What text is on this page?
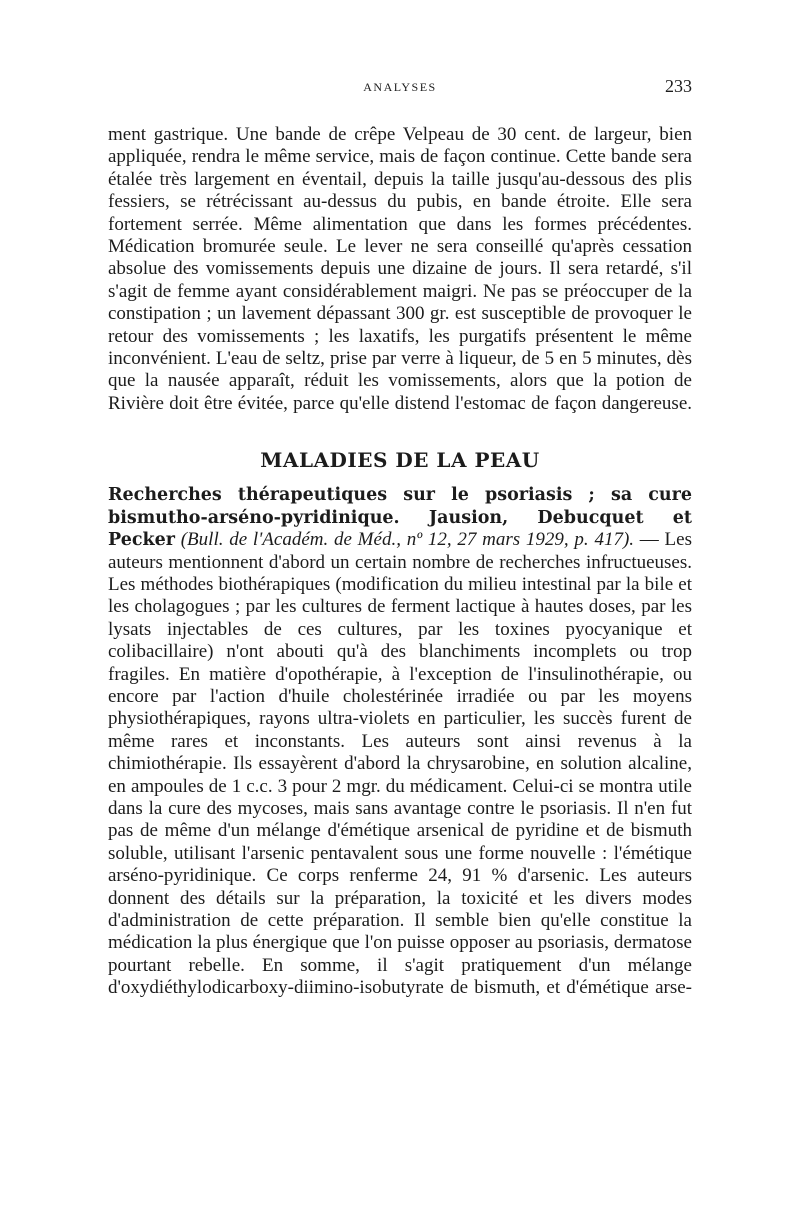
ANALYSES	233

ment gastrique. Une bande de crêpe Velpeau de 30 cent. de largeur, bien appliquée, rendra le même service, mais de façon continue. Cette bande sera étalée très largement en éventail, depuis la taille jusqu'au-dessous des plis fessiers, se rétrécissant au-dessus du pubis, en bande étroite. Elle sera fortement serrée. Même alimentation que dans les formes précédentes. Médication bromurée seule. Le lever ne sera conseillé qu'après cessation absolue des vomissements depuis une dizaine de jours. Il sera retardé, s'il s'agit de femme ayant considérablement maigri. Ne pas se préoccuper de la constipation ; un lavement dépassant 300 gr. est susceptible de provoquer le retour des vomissements ; les laxatifs, les purgatifs présentent le même inconvénient. L'eau de seltz, prise par verre à liqueur, de 5 en 5 minutes, dès que la nausée apparaît, réduit les vomissements, alors que la potion de Rivière doit être évitée, parce qu'elle distend l'estomac de façon dangereuse.

MALADIES DE LA PEAU

Recherches thérapeutiques sur le psoriasis ; sa cure bismutho-arséno-pyridinique. Jausion, Debucquet et Pecker (Bull. de l'Académ. de Méd., nº 12, 27 mars 1929, p. 417). — Les auteurs mentionnent d'abord un certain nombre de recherches infructueuses. Les méthodes biothérapiques (modification du milieu intestinal par la bile et les cholagogues ; par les cultures de ferment lactique à hautes doses, par les lysats injectables de ces cultures, par les toxines pyocyanique et colibacillaire) n'ont abouti qu'à des blanchiments incomplets ou trop fragiles. En matière d'opothérapie, à l'exception de l'insulinothérapie, ou encore par l'action d'huile cholestérinée irradiée ou par les moyens physiothérapiques, rayons ultra-violets en particulier, les succès furent de même rares et inconstants. Les auteurs sont ainsi revenus à la chimiothérapie. Ils essayèrent d'abord la chrysarobine, en solution alcaline, en ampoules de 1 c.c. 3 pour 2 mgr. du médicament. Celui-ci se montra utile dans la cure des mycoses, mais sans avantage contre le psoriasis. Il n'en fut pas de même d'un mélange d'émétique arsenical de pyridine et de bismuth soluble, utilisant l'arsenic pentavalent sous une forme nouvelle : l'émétique arséno-pyridinique. Ce corps renferme 24, 91 % d'arsenic. Les auteurs donnent des détails sur la préparation, la toxicité et les divers modes d'administration de cette préparation. Il semble bien qu'elle constitue la médication la plus énergique que l'on puisse opposer au psoriasis, dermatose pourtant rebelle. En somme, il s'agit pratiquement d'un mélange d'oxydiéthylodicarboxy-diimino-isobutyrate de bismuth, et d'émétique arse-
